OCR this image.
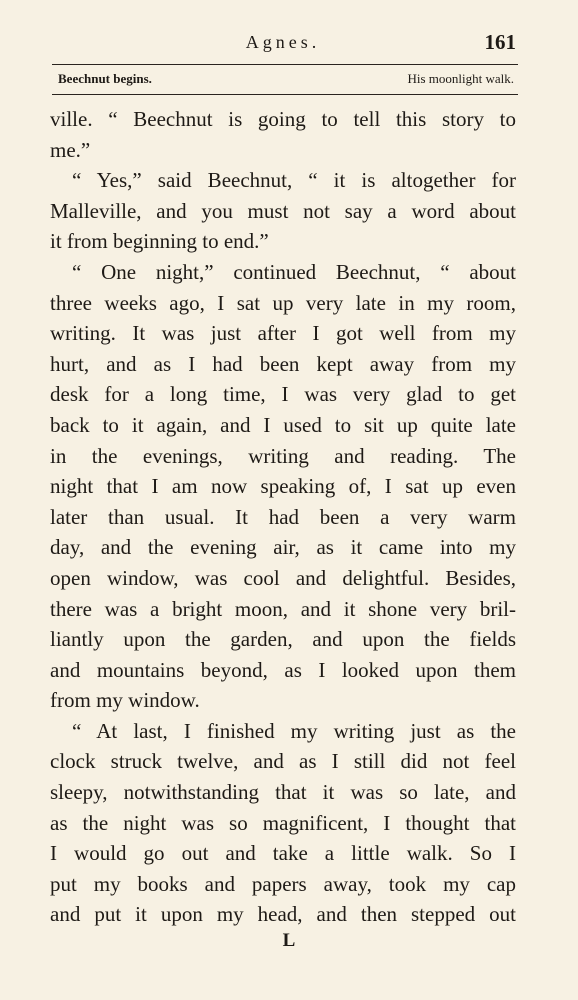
Agnes.	161
Beechnut begins.	His moonlight walk.
ville. “ Beechnut is going to tell this story to
me.”
“ Yes,” said Beechnut, “ it is altogether for
Malleville, and you must not say a word about
it from beginning to end.”
“ One night,” continued Beechnut, “ about
three weeks ago, I sat up very late in my room,
writing. It was just after I got well from my
hurt, and as I had been kept away from my
desk for a long time, I was very glad to get
back to it again, and I used to sit up quite late
in the evenings, writing and reading. The
night that I am now speaking of, I sat up even
later than usual. It had been a very warm
day, and the evening air, as it came into my
open window, was cool and delightful. Besides,
there was a bright moon, and it shone very bril-
liantly upon the garden, and upon the fields
and mountains beyond, as I looked upon them
from my window.
“ At last, I finished my writing just as the
clock struck twelve, and as I still did not feel
sleepy, notwithstanding that it was so late, and
as the night was so magnificent, I thought that
I would go out and take a little walk. So I
put my books and papers away, took my cap
and put it upon my head, and then stepped out
L
